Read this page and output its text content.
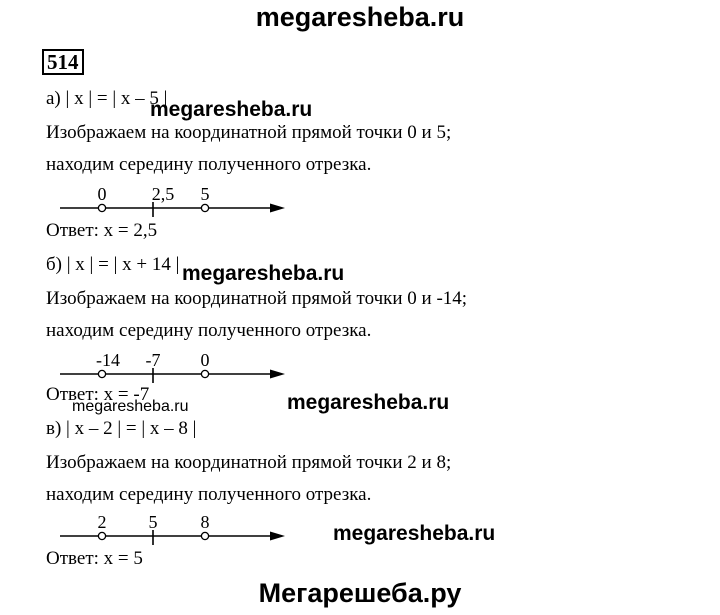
megaresheba.ru
514
а) | x | = | x – 5 |
megaresheba.ru
Изображаем на координатной прямой точки 0 и 5;
находим середину полученного отрезка.
0	2,5 5
Ответ: x = 2,5
б) | x | = | x + 14 | megaresheba.ru
Изображаем на координатной прямой точки 0 и -14;
находим середину полученного отрезка.
-14 -7 0
Ответ: x = -7
megaresheba.ru	megaresheba.ru
в) | x – 2 | = | x – 8 |
Изображаем на координатной прямой точки 2 и 8;
находим середину полученного отрезка.
2 5 8	megaresheba.ru
Ответ: x = 5
Мегарешеба.ру
